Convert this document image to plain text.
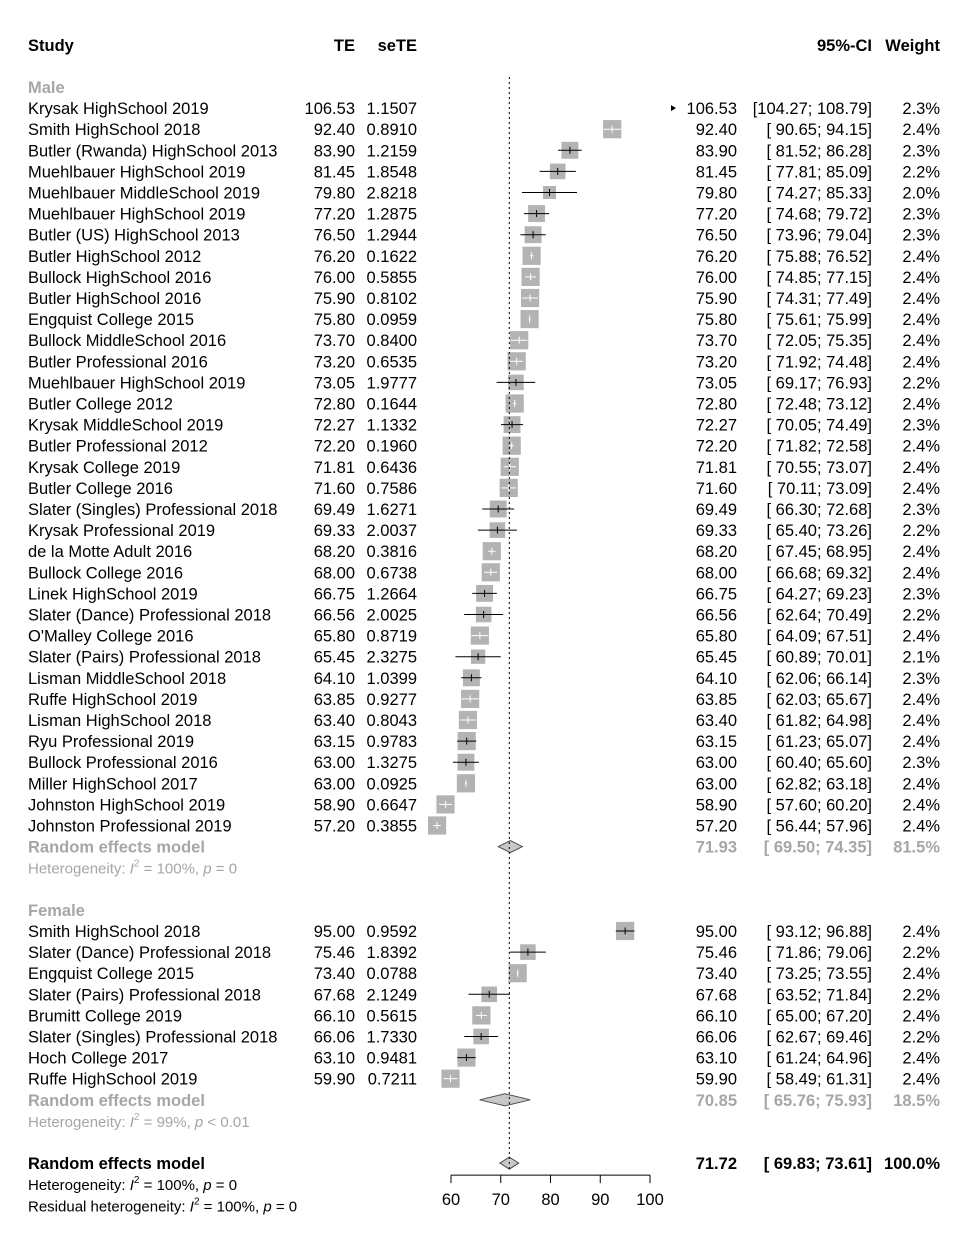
Study	TE seTE	95%-CI Weight
Male
Krysak HighSchool 2019	106.53 1.1507	106.53 [104.27; 108.79] 2.3%
Smith HighSchool 2018	92.40 0.8910	92.40 [ 90.65; 94.15] 2.4%
Butler (Rwanda) HighSchool 2013 83.90 1.2159	83.90 [ 81.52; 86.28] 2.3%
Muehlbauer HighSchool 2019	81.45 1.8548	81.45 [ 77.81; 85.09] 2.2%
Muehlbauer MiddleSchool 2019	79.80 2.8218	79.80 [ 74.27; 85.33] 2.0%
Muehlbauer HighSchool 2019	77.20 1.2875	77.20 [ 74.68; 79.72] 2.3%
Butler (US) HighSchool 2013	76.50 1.2944	76.50 [ 73.96; 79.04] 2.3%
Butler HighSchool 2012	76.20 0.1622	76.20 [ 75.88; 76.52] 2.4%
Bullock HighSchool 2016	76.00 0.5855	76.00 [ 74.85; 77.15] 2.4%
Butler HighSchool 2016	75.90 0.8102	75.90 [ 74.31; 77.49] 2.4%
Engquist College 2015	75.80 0.0959	75.80 [ 75.61; 75.99] 2.4%
Bullock MiddleSchool 2016	73.70 0.8400	73.70 [ 72.05; 75.35] 2.4%
Butler Professional 2016	73.20 0.6535	73.20 [ 71.92; 74.48] 2.4%
Muehlbauer HighSchool 2019	73.05 1.9777	73.05 [ 69.17; 76.93] 2.2%
Butler College 2012	72.80 0.1644	72.80 [ 72.48; 73.12] 2.4%
Krysak MiddleSchool 2019	72.27 1.1332	72.27 [ 70.05; 74.49] 2.3%
Butler Professional 2012	72.20 0.1960	72.20 [ 71.82; 72.58] 2.4%
Krysak College 2019	71.81 0.6436	71.81 [ 70.55; 73.07] 2.4%
Butler College 2016	71.60 0.7586	71.60 [ 70.11; 73.09] 2.4%
Slater (Singles) Professional 2018 69.49 1.6271	69.49 [ 66.30; 72.68] 2.3%
Krysak Professional 2019	69.33 2.0037	69.33 [ 65.40; 73.26] 2.2%
de la Motte Adult 2016	68.20 0.3816	68.20 [ 67.45; 68.95] 2.4%
Bullock College 2016	68.00 0.6738	68.00 [ 66.68; 69.32] 2.4%
Linek HighSchool 2019	66.75 1.2664	66.75 [ 64.27; 69.23] 2.3%
Slater (Dance) Professional 2018	66.56 2.0025	66.56 [ 62.64; 70.49] 2.2%
O'Malley College 2016	65.80 0.8719	65.80 [ 64.09; 67.51] 2.4%
Slater (Pairs) Professional 2018	65.45 2.3275	65.45 [ 60.89; 70.01] 2.1%
Lisman MiddleSchool 2018	64.10 1.0399	64.10 [ 62.06; 66.14] 2.3%
Ruffe HighSchool 2019	63.85 0.9277	63.85 [ 62.03; 65.67] 2.4%
Lisman HighSchool 2018	63.40 0.8043	63.40 [ 61.82; 64.98] 2.4%
Ryu Professional 2019	63.15 0.9783	63.15 [ 61.23; 65.07] 2.4%
Bullock Professional 2016	63.00 1.3275	63.00 [ 60.40; 65.60] 2.3%
Miller HighSchool 2017	63.00 0.0925	63.00 [ 62.82; 63.18] 2.4%
Johnston HighSchool 2019	58.90 0.6647	58.90 [ 57.60; 60.20] 2.4%
Johnston Professional 2019	57.20 0.3855	57.20 [ 56.44; 57.96] 2.4%
Random effects model	71.93 [ 69.50; 74.35] 81.5%
Heterogeneity: $I^2 = 100\%$, p = 0
Female
Smith HighSchool 2018	95.00 0.9592	95.00 [ 93.12; 96.88] 2.4%
Slater (Dance) Professional 2018	75.46 1.8392	75.46 [ 71.86; 79.06] 2.2%
Engquist College 2015	73.40 0.0788	73.40 [ 73.25; 73.55] 2.4%
Slater (Pairs) Professional 2018	67.68 2.1249	67.68 [ 63.52; 71.84] 2.2%
Brumitt College 2019	66.10 0.5615	66.10 [ 65.00; 67.20] 2.4%
Slater (Singles) Professional 2018 66.06 1.7330	66.06 [ 62.67; 69.46] 2.2%
Hoch College 2017	63.10 0.9481	63.10 [ 61.24; 64.96] 2.4%
Ruffe HighSchool 2019	59.90 0.7211	59.90 [ 58.49; 61.31] 2.4%
Random effects model	70.85 [ 65.76; 75.93] 18.5%
Heterogeneity: $I^2 = 99\%$, p < 0.01
Random effects model	71.72 [ 69.83; 73.61] 100.0%
Heterogeneity: $I^2 = 100\%$, p = 0
Residual heterogeneity: $I^2 = 100\%$, p = 0	60 70 80 90 100
